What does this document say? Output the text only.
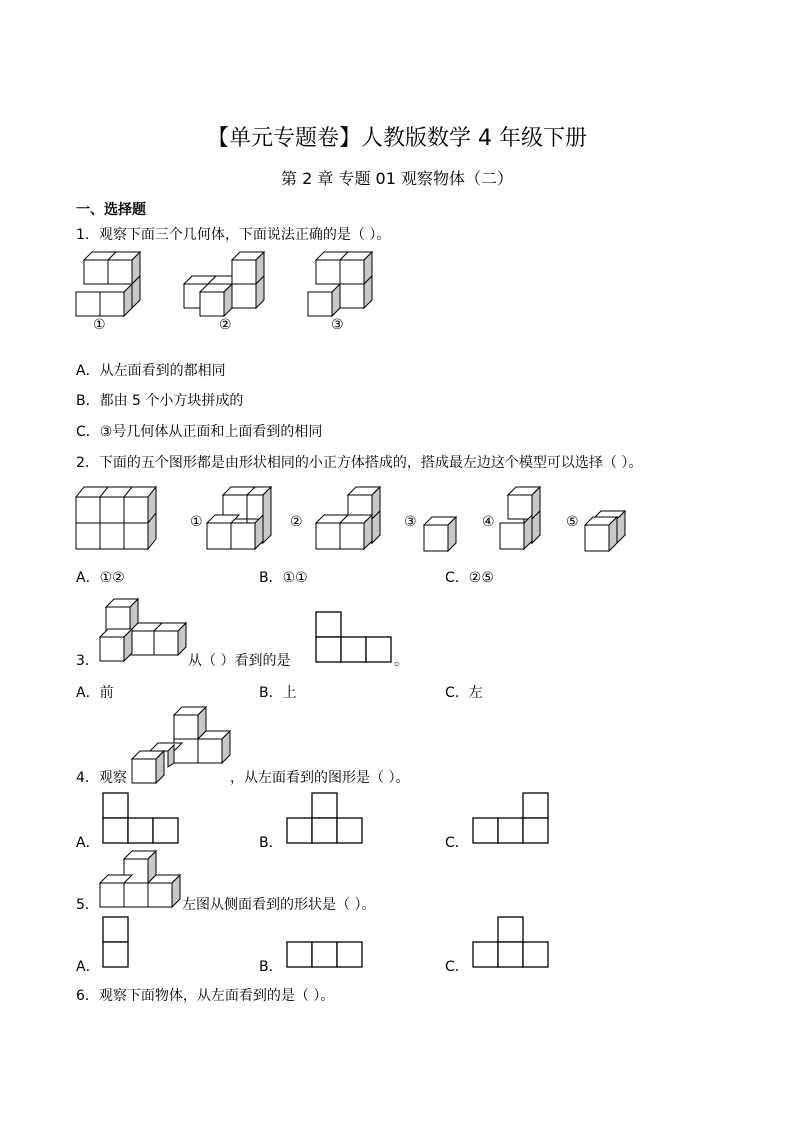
【单元专题卷】人教版数学 4 年级下册
第 2 章 专题 01 观察物体（二）
一、选择题
1．观察下面三个几何体，下面说法正确的是（ ）。
①	②	③
A．从左面看到的都相同
B．都由 5 个小方块拼成的
C．③号几何体从正面和上面看到的相同
2．下面的五个图形都是由形状相同的小正方体搭成的，搭成最左边这个模型可以选择（ ）。
①	②	③	④	⑤
A．①②	B．①①	C．②⑤
3．	从（ ）看到的是	。
A．前	B．上	C．左
4．观察	，从左面看到的图形是（ ）。
A．	B．	C．
5．	左图从侧面看到的形状是（ ）。
A．	B．	C．
6．观察下面物体，从左面看到的是（ ）。
